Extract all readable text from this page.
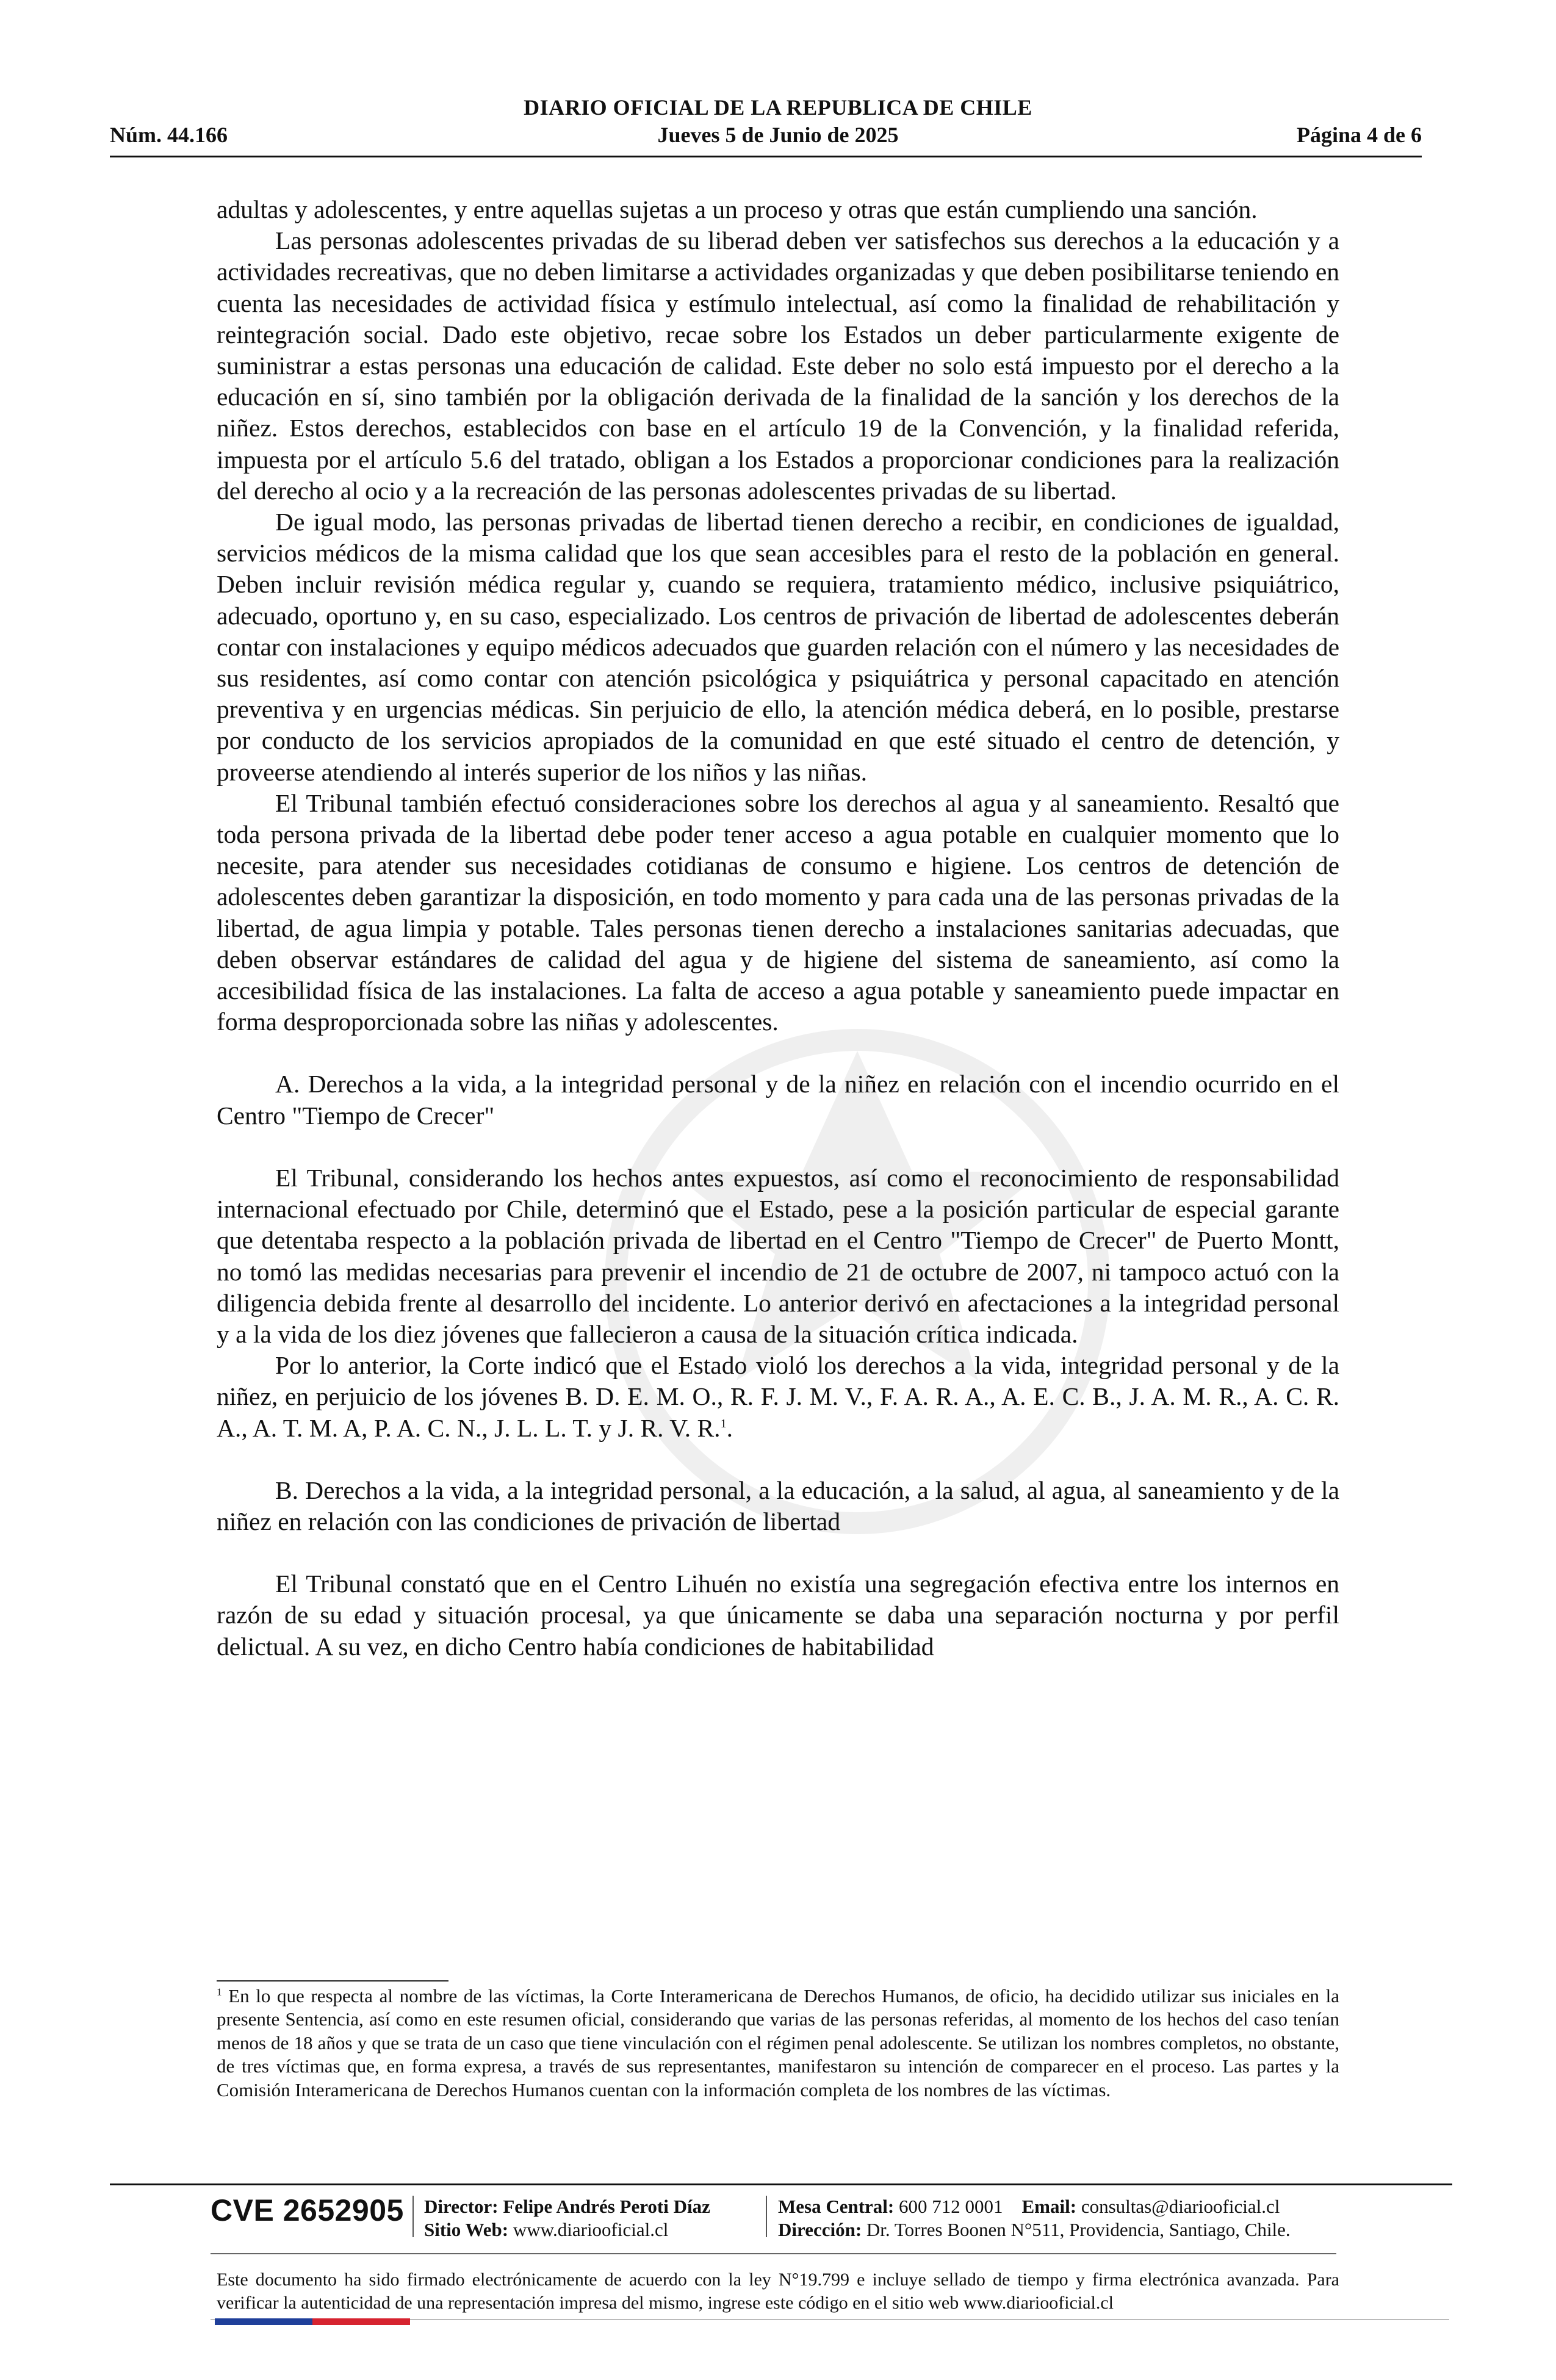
DIARIO OFICIAL DE LA REPUBLICA DE CHILE
Núm. 44.166	Jueves 5 de Junio de 2025	Página 4 de 6

adultas y adolescentes, y entre aquellas sujetas a un proceso y otras que están cumpliendo una sanción.

Las personas adolescentes privadas de su liberad deben ver satisfechos sus derechos a la educación y a actividades recreativas, que no deben limitarse a actividades organizadas y que deben posibilitarse teniendo en cuenta las necesidades de actividad física y estímulo intelectual, así como la finalidad de rehabilitación y reintegración social. Dado este objetivo, recae sobre los Estados un deber particularmente exigente de suministrar a estas personas una educación de calidad. Este deber no solo está impuesto por el derecho a la educación en sí, sino también por la obligación derivada de la finalidad de la sanción y los derechos de la niñez. Estos derechos, establecidos con base en el artículo 19 de la Convención, y la finalidad referida, impuesta por el artículo 5.6 del tratado, obligan a los Estados a proporcionar condiciones para la realización del derecho al ocio y a la recreación de las personas adolescentes privadas de su libertad.

De igual modo, las personas privadas de libertad tienen derecho a recibir, en condiciones de igualdad, servicios médicos de la misma calidad que los que sean accesibles para el resto de la población en general. Deben incluir revisión médica regular y, cuando se requiera, tratamiento médico, inclusive psiquiátrico, adecuado, oportuno y, en su caso, especializado. Los centros de privación de libertad de adolescentes deberán contar con instalaciones y equipo médicos adecuados que guarden relación con el número y las necesidades de sus residentes, así como contar con atención psicológica y psiquiátrica y personal capacitado en atención preventiva y en urgencias médicas. Sin perjuicio de ello, la atención médica deberá, en lo posible, prestarse por conducto de los servicios apropiados de la comunidad en que esté situado el centro de detención, y proveerse atendiendo al interés superior de los niños y las niñas.

El Tribunal también efectuó consideraciones sobre los derechos al agua y al saneamiento. Resaltó que toda persona privada de la libertad debe poder tener acceso a agua potable en cualquier momento que lo necesite, para atender sus necesidades cotidianas de consumo e higiene. Los centros de detención de adolescentes deben garantizar la disposición, en todo momento y para cada una de las personas privadas de la libertad, de agua limpia y potable. Tales personas tienen derecho a instalaciones sanitarias adecuadas, que deben observar estándares de calidad del agua y de higiene del sistema de saneamiento, así como la accesibilidad física de las instalaciones. La falta de acceso a agua potable y saneamiento puede impactar en forma desproporcionada sobre las niñas y adolescentes.

A. Derechos a la vida, a la integridad personal y de la niñez en relación con el incendio ocurrido en el Centro "Tiempo de Crecer"

El Tribunal, considerando los hechos antes expuestos, así como el reconocimiento de responsabilidad internacional efectuado por Chile, determinó que el Estado, pese a la posición particular de especial garante que detentaba respecto a la población privada de libertad en el Centro "Tiempo de Crecer" de Puerto Montt, no tomó las medidas necesarias para prevenir el incendio de 21 de octubre de 2007, ni tampoco actuó con la diligencia debida frente al desarrollo del incidente. Lo anterior derivó en afectaciones a la integridad personal y a la vida de los diez jóvenes que fallecieron a causa de la situación crítica indicada.

Por lo anterior, la Corte indicó que el Estado violó los derechos a la vida, integridad personal y de la niñez, en perjuicio de los jóvenes B. D. E. M. O., R. F. J. M. V., F. A. R. A., A. E. C. B., J. A. M. R., A. C. R. A., A. T. M. A, P. A. C. N., J. L. L. T. y J. R. V. R.$^1$.

B. Derechos a la vida, a la integridad personal, a la educación, a la salud, al agua, al saneamiento y de la niñez en relación con las condiciones de privación de libertad

El Tribunal constató que en el Centro Lihuén no existía una segregación efectiva entre los internos en razón de su edad y situación procesal, ya que únicamente se daba una separación nocturna y por perfil delictual. A su vez, en dicho Centro había condiciones de habitabilidad

$^1$ En lo que respecta al nombre de las víctimas, la Corte Interamericana de Derechos Humanos, de oficio, ha decidido utilizar sus iniciales en la presente Sentencia, así como en este resumen oficial, considerando que varias de las personas referidas, al momento de los hechos del caso tenían menos de 18 años y que se trata de un caso que tiene vinculación con el régimen penal adolescente. Se utilizan los nombres completos, no obstante, de tres víctimas que, en forma expresa, a través de sus representantes, manifestaron su intención de comparecer en el proceso. Las partes y la Comisión Interamericana de Derechos Humanos cuentan con la información completa de los nombres de las víctimas.
CVE 2652905 Director: Felipe Andrés Peroti Díaz
Sitio Web: www.diariooficial.cl
Mesa Central: 600 712 0001 Email: consultas@diariooficial.cl
Dirección: Dr. Torres Boonen N°511, Providencia, Santiago, Chile.
Este documento ha sido firmado electrónicamente de acuerdo con la ley N°19.799 e incluye sellado de tiempo y firma electrónica avanzada. Para verificar la autenticidad de una representación impresa del mismo, ingrese este código en el sitio web www.diariooficial.cl
